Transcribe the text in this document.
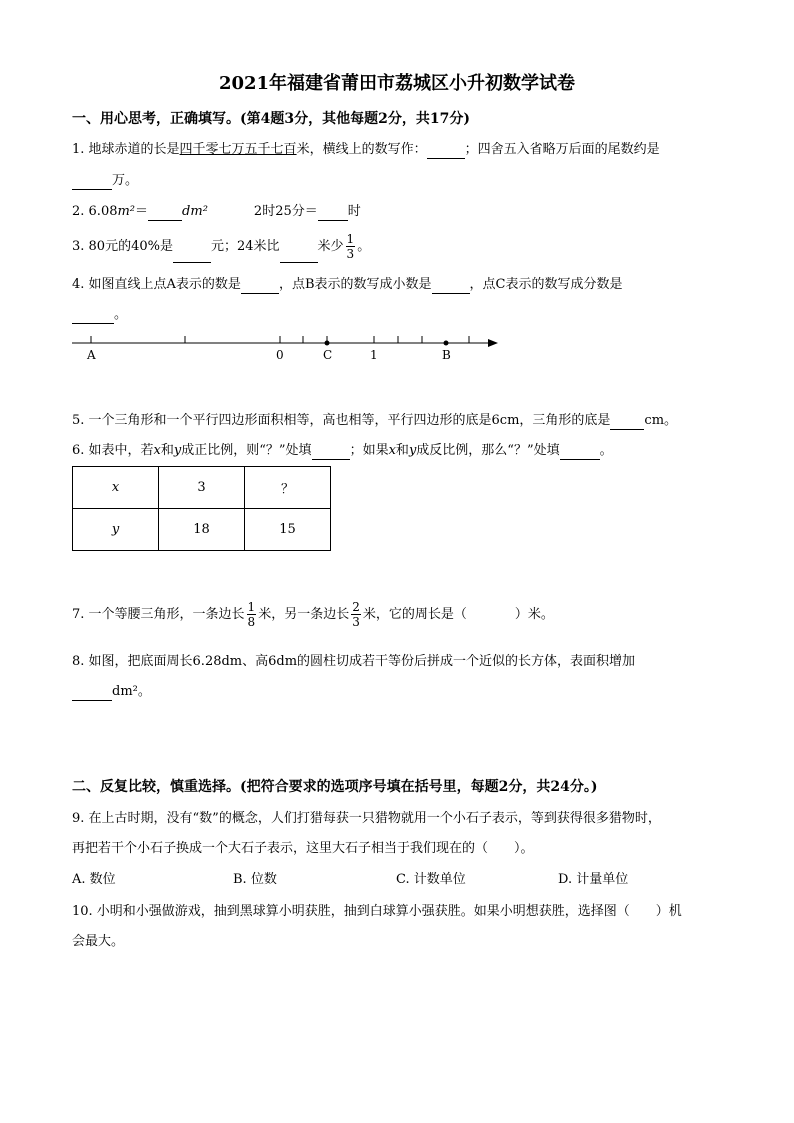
2021年福建省莆田市荔城区小升初数学试卷
一、用心思考，正确填写。(第4题3分，其他每题2分，共17分)
1. 地球赤道的长是四千零七万五千七百米，横线上的数写作：	；四舍五入省略万后面的尾数约是
万。
2. 6.08m²＝	dm²	2时25分＝ 时
3. 80元的40%是	元；24米比	米少 $\frac{1}{3}$ 。
4. 如图直线上点A表示的数是	，点B表示的数写成小数是	，点C表示的数写成分数是
。
A	0	C	1	B
5. 一个三角形和一个平行四边形面积相等，高也相等，平行四边形的底是6cm，三角形的底是	cm。
6. 如表中，若x和y成正比例，则“？”处填	；如果x和y成反比例，那么“？”处填	。
x	3	？
y	18	15
7. 一个等腰三角形，一条边长 $\frac{1}{8}$ 米，另一条边长 $\frac{2}{3}$ 米，它的周长是（	）米。
8. 如图，把底面周长6.28dm、高6dm的圆柱切成若干等份后拼成一个近似的长方体，表面积增加
dm²。
二、反复比较，慎重选择。(把符合要求的选项序号填在括号里，每题2分，共24分。)
9. 在上古时期，没有“数”的概念，人们打猎每获一只猎物就用一个小石子表示，等到获得很多猎物时，
再把若干个小石子换成一个大石子表示，这里大石子相当于我们现在的（　　）。
A. 数位	B. 位数	C. 计数单位	D. 计量单位
10. 小明和小强做游戏，抽到黑球算小明获胜，抽到白球算小强获胜。如果小明想获胜，选择图（　　）机
会最大。
